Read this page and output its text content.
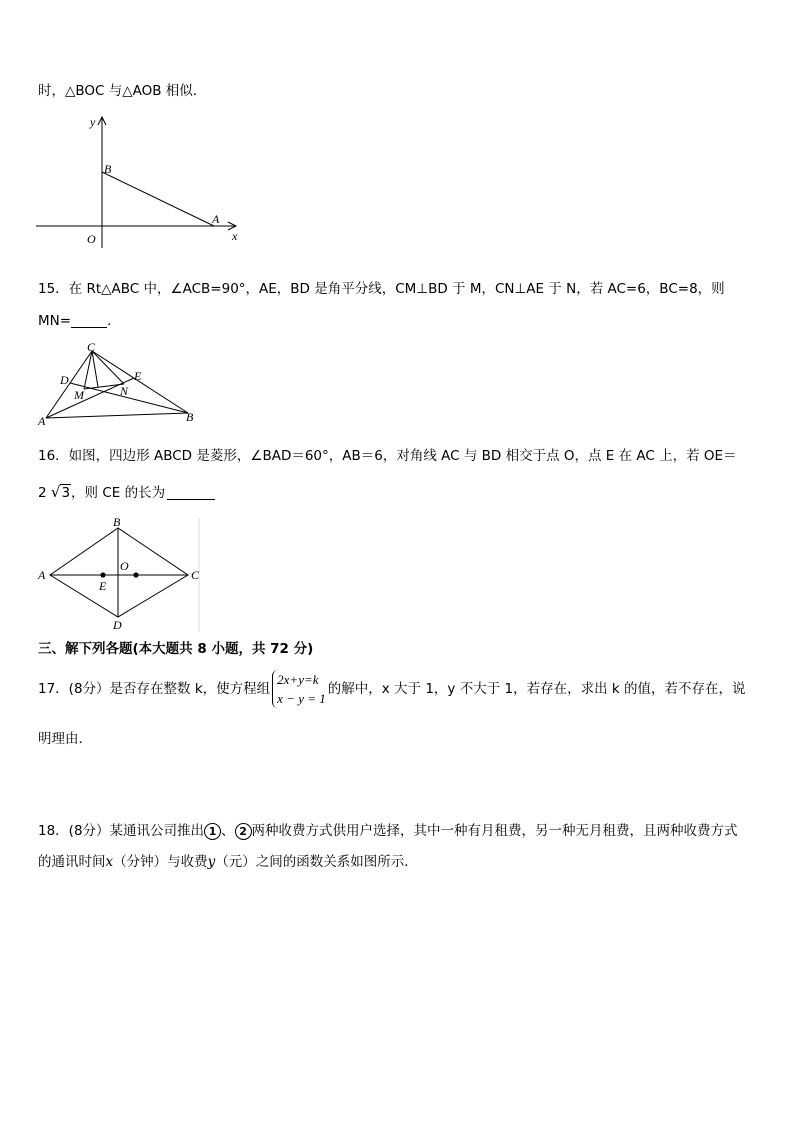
时，△BOC 与△AOB 相似．
y
x
B
A
O
15．在 Rt△ABC 中，∠ACB=90°，AE，BD 是角平分线，CM⊥BD 于 M，CN⊥AE 于 N，若 AC=6，BC=8，则
MN=	．
C
D	E
M	N
A	B
16．如图，四边形 ABCD 是菱形，∠BAD＝60°，AB＝6，对角线 AC 与 BD 相交于点 O，点 E 在 AC 上，若 OE＝
2 √3，则 CE 的长为
B
A
O
C
E
D
三、解下列各题(本大题共 8 小题，共 72 分)
17．(8分）是否存在整数 k，使方程组
2x+y=k
x − y = 1
的解中，x 大于 1，y 不大于 1，若存在，求出 k 的值，若不存在，说
明理由．
18．(8分）某通讯公司推出 1 、 2 两种收费方式供用户选择，其中一种有月租费，另一种无月租费，且两种收费方式
的通讯时间x（分钟）与收费y（元）之间的函数关系如图所示．
